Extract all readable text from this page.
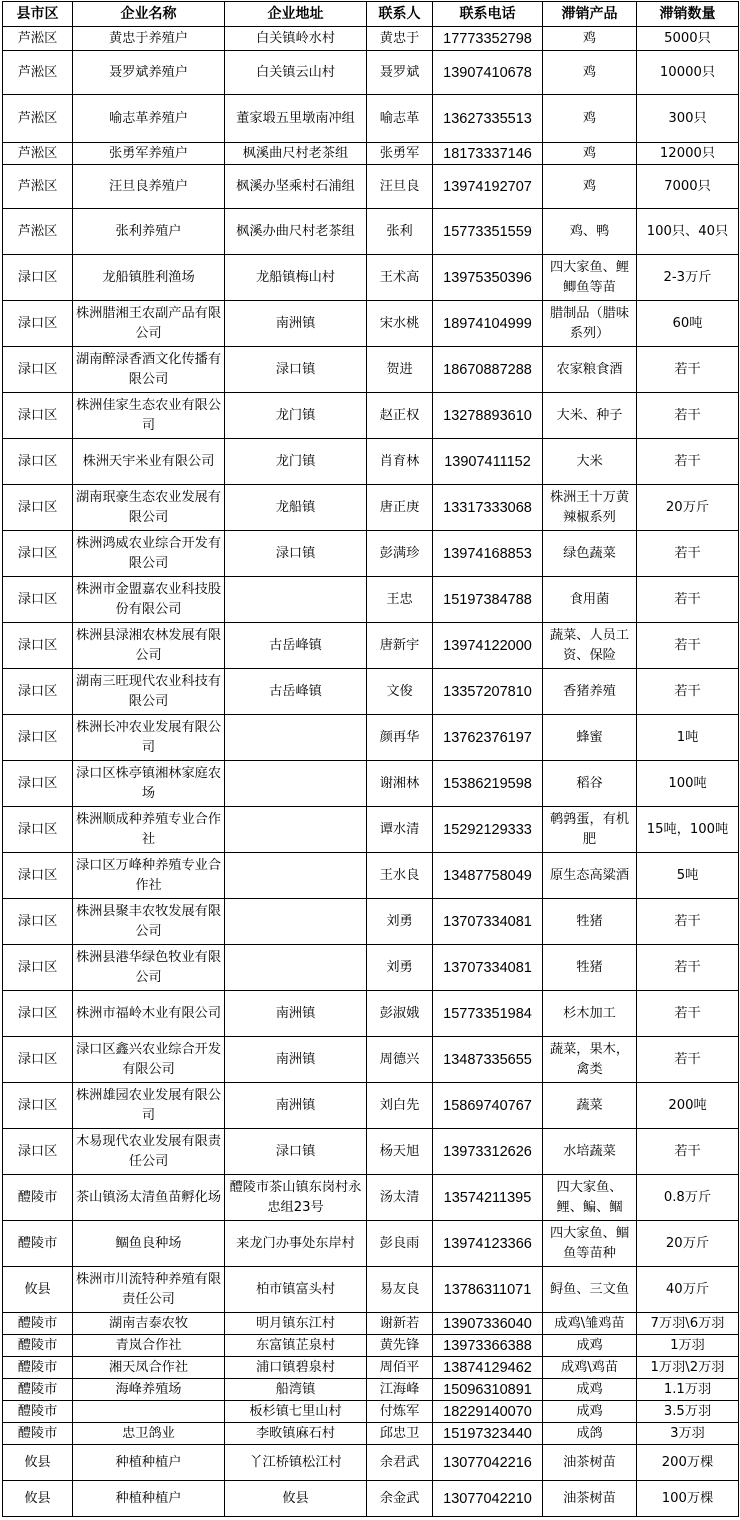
县市区	企业名称	企业地址	联系人	联系电话	滞销产品	滞销数量
芦淞区	黄忠于养殖户	白关镇岭水村	黄忠于	17773352798	鸡	5000只
芦淞区	聂罗斌养殖户	白关镇云山村	聂罗斌	13907410678	鸡	10000只
芦淞区	喻志革养殖户	董家塅五里墩南冲组	喻志革	13627335513	鸡	300只
芦淞区	张勇军养殖户	枫溪曲尺村老茶组	张勇军	18173337146	鸡	12000只
芦淞区	汪旦良养殖户	枫溪办坚乘村石浦组	汪旦良	13974192707	鸡	7000只
芦淞区	张利养殖户	枫溪办曲尺村老茶组	张利	15773351559	鸡、鸭	100只、40只
渌口区	龙船镇胜利渔场	龙船镇梅山村	王术高	13975350396	四大家鱼、鲤鲫鱼等苗	2-3万斤
渌口区	株洲腊湘王农副产品有限公司	南洲镇	宋水桃	18974104999	腊制品（腊味系列）	60吨
渌口区	湖南醉渌香酒文化传播有限公司	渌口镇	贺进	18670887288	农家粮食酒	若干
渌口区	株洲佳家生态农业有限公司	龙门镇	赵正权	13278893610	大米、种子	若干
渌口区	株洲天宇米业有限公司	龙门镇	肖育林	13907411152	大米	若干
渌口区	湖南珉豪生态农业发展有限公司	龙船镇	唐正庚	13317333068	株洲王十万黄辣椒系列	20万斤
渌口区	株洲鸿威农业综合开发有限公司	渌口镇	彭满珍	13974168853	绿色蔬菜	若干
渌口区	株洲市金盟嘉农业科技股份有限公司		王忠	15197384788	食用菌	若干
渌口区	株洲县渌湘农林发展有限公司	古岳峰镇	唐新宇	13974122000	蔬菜、人员工资、保险	若干
渌口区	湖南三旺现代农业科技有限公司	古岳峰镇	文俊	13357207810	香猪养殖	若干
渌口区	株洲长冲农业发展有限公司		颜再华	13762376197	蜂蜜	1吨
渌口区	渌口区株亭镇湘林家庭农场		谢湘林	15386219598	稻谷	100吨
渌口区	株洲顺成种养殖专业合作社		谭水清	15292129333	鹌鹑蛋，有机肥	15吨，100吨
渌口区	渌口区万峰种养殖专业合作社		王水良	13487758049	原生态高粱酒	5吨
渌口区	株洲县聚丰农牧发展有限公司		刘勇	13707334081	牲猪	若干
渌口区	株洲县港华绿色牧业有限公司		刘勇	13707334081	牲猪	若干
渌口区	株洲市福岭木业有限公司	南洲镇	彭淑娥	15773351984	杉木加工	若干
渌口区	渌口区鑫兴农业综合开发有限公司	南洲镇	周德兴	13487335655	蔬菜，果木，禽类	若干
渌口区	株洲雄园农业发展有限公司	南洲镇	刘白先	15869740767	蔬菜	200吨
渌口区	木易现代农业发展有限责任公司	渌口镇	杨天旭	13973312626	水培蔬菜	若干
醴陵市	茶山镇汤太清鱼苗孵化场	醴陵市茶山镇东岗村永忠组23号	汤太清	13574211395	四大家鱼、鲤、鳊、鲴	0.8万斤
醴陵市	鲴鱼良种场	来龙门办事处东岸村	彭良雨	13974123366	四大家鱼、鲴鱼等苗种	20万斤
攸县	株洲市川流特种养殖有限责任公司	柏市镇富头村	易友良	13786311071	鲟鱼、三文鱼	40万斤
醴陵市	湖南吉泰农牧	明月镇东江村	谢新若	13907336040	成鸡\雏鸡苗	7万羽\6万羽
醴陵市	青岚合作社	东富镇芷泉村	黄先锋	13973366388	成鸡	1万羽
醴陵市	湘天凤合作社	浦口镇碧泉村	周佰平	13874129462	成鸡\鸡苗	1万羽\2万羽
醴陵市	海峰养殖场	船湾镇	江海峰	15096310891	成鸡	1.1万羽
醴陵市		板杉镇七里山村	付炼军	18229140070	成鸡	3.5万羽
醴陵市	忠卫鸽业	李畋镇麻石村	邱忠卫	15197323440	成鸽	3万羽
攸县	种植种植户	丫江桥镇松江村	余君武	13077042216	油茶树苗	200万棵
攸县	种植种植户	攸县	余金武	13077042210	油茶树苗	100万棵
